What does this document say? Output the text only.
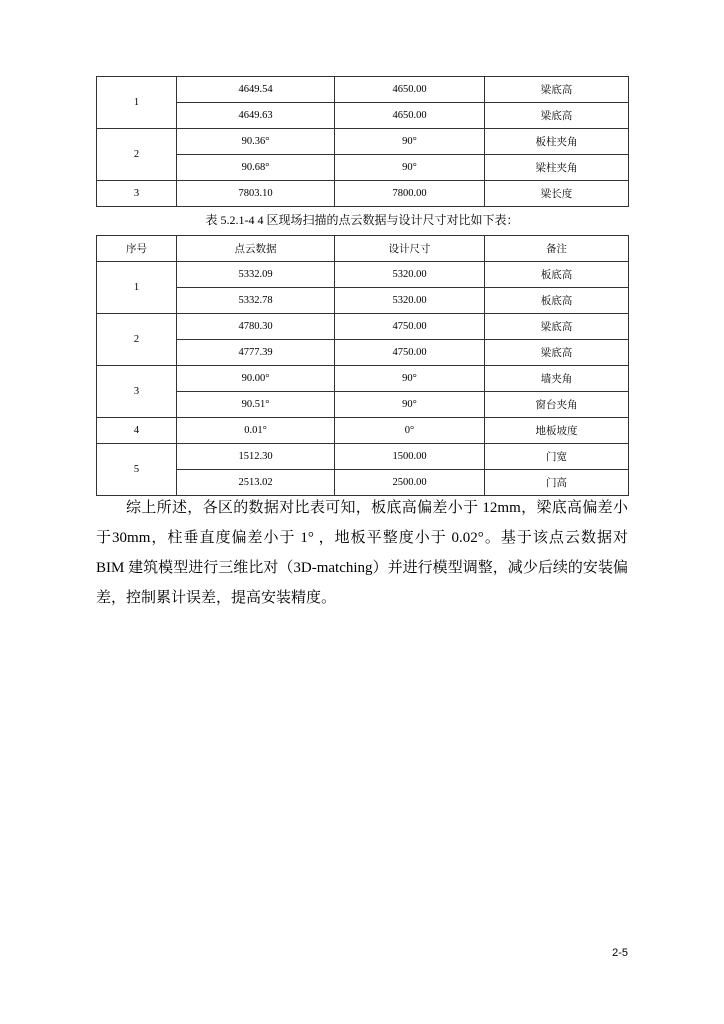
1	4649.54	4650.00	梁底高
	4649.63	4650.00	梁底高
2	90.36°	90°	板柱夹角
	90.68°	90°	梁柱夹角
3	7803.10	7800.00	梁长度
表 5.2.1-4 4 区现场扫描的点云数据与设计尺寸对比如下表：
序号	点云数据	设计尺寸	备注
1	5332.09	5320.00	板底高
	5332.78	5320.00	板底高
2	4780.30	4750.00	梁底高
	4777.39	4750.00	梁底高
3	90.00°	90°	墙夹角
	90.51°	90°	窗台夹角
4	0.01°	0°	地板坡度
5	1512.30	1500.00	门宽
	2513.02	2500.00	门高

综上所述，各区的数据对比表可知，板底高偏差小于 12mm，梁底高偏差小于30mm，柱垂直度偏差小于 1° ，地板平整度小于 0.02°。基于该点云数据对 BIM 建筑模型进行三维比对（3D-matching）并进行模型调整，减少后续的安装偏差，控制累计误差，提高安装精度。

2-5
